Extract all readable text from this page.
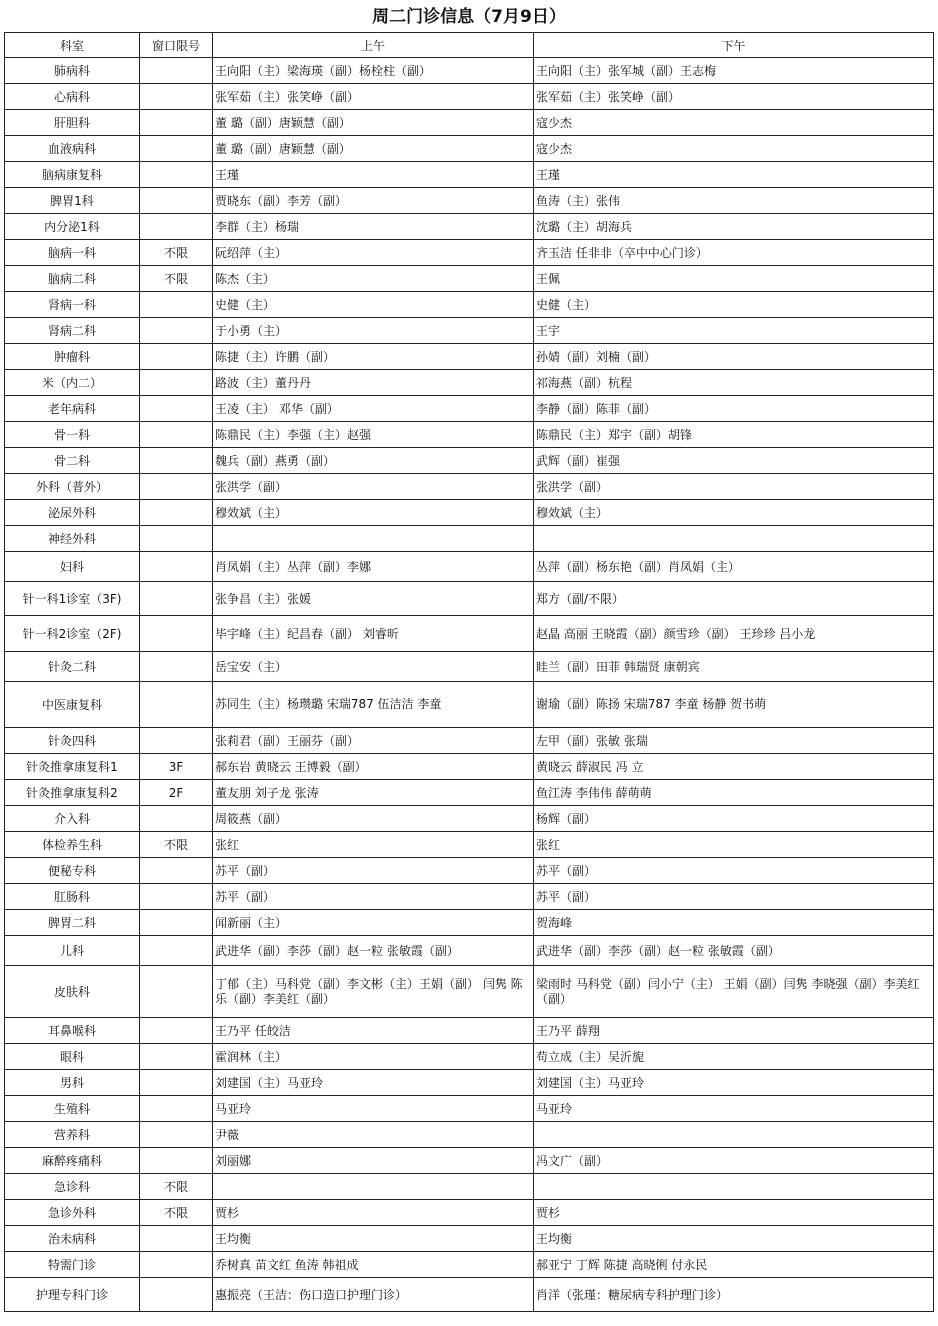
周二门诊信息（7月9日）
科室	窗口限号	上午	下午
肺病科		王向阳（主）梁海瑛（副）杨栓柱（副）	王向阳（主）张军城（副）王志梅
心病科		张军茹（主）张笑峥（副）	张军茹（主）张笑峥（副）
肝胆科		董 璐（副）唐颖慧（副）	寇少杰
血液病科		董 璐（副）唐颖慧（副）	寇少杰
脑病康复科		王瑾	王瑾
脾胃1科		贾晓东（副）李芳（副）	鱼涛（主）张伟
内分泌1科		李群（主）杨瑞	沈璐（主）胡海兵
脑病一科	不限	阮绍萍（主）	齐玉洁 任非非（卒中中心门诊）
脑病二科	不限	陈杰（主）	王佩
肾病一科		史健（主）	史健（主）
肾病二科		于小勇（主）	王宇
肿瘤科		陈捷（主）许鹏（副）	孙婧（副）刘楠（副）
米（内二）		路波（主）董丹丹	祁海燕（副）杭程
老年病科		王凌（主） 邓华（副）	李静（副）陈菲（副）
骨一科		陈鼎民（主）李强（主）赵强	陈鼎民（主）郑宇（副）胡锋
骨二科		魏兵（副）燕勇（副）	武辉（副）崔强
外科（普外）		张洪学（副）	张洪学（副）
泌尿外科		穆效斌（主）	穆效斌（主）
神经外科			
妇科		肖凤娟（主）丛萍（副）李娜	丛萍（副）杨东艳（副）肖凤娟（主）
针一科1诊室（3F)		张争昌（主）张媛	郑方（副/不限）
针一科2诊室（2F)		毕宇峰（主）纪昌春（副） 刘睿昕	赵晶 高丽 王晓霞（副）颜雪珍（副） 王珍珍 吕小龙
针灸二科		岳宝安（主）	眭兰（副）田菲 韩瑞贤 康朝宾
中医康复科		苏同生（主）杨瓒璐 宋瑞787 伍洁洁 李童	谢瑜（副）陈扬 宋瑞787 李童 杨静 贺书萌
针灸四科		张莉君（副）王丽芬（副）	左甲（副）张敏 张瑞
针灸推拿康复科1	3F	郝东岩 黄晓云 王博毅（副）	黄晓云 薛淑民 冯 立
针灸推拿康复科2	2F	董友朋 刘子龙 张涛	鱼江涛 李伟伟 薛萌萌
介入科		周筱燕（副）	杨辉（副）
体检养生科	不限	张红	张红
便秘专科		苏平（副）	苏平（副）
肛肠科		苏平（副）	苏平（副）
脾胃二科		闻新丽（主）	贺海峰
儿科		武进华（副）李莎（副）赵一粒 张敏霞（副）	武进华（副）李莎（副）赵一粒 张敏霞（副）
皮肤科		丁郁（主）马科党（副）李文彬（主）王娟（副） 闫隽 陈乐（副）李美红（副）	梁雨时 马科党（副）闫小宁（主） 王娟（副）闫隽 李晓强（副）李美红（副）
耳鼻喉科		王乃平 任皎洁	王乃平 薛翔
眼科		霍润林（主）	苟立成（主）吴沂旎
男科		刘建国（主）马亚玲	刘建国（主）马亚玲
生殖科		马亚玲	马亚玲
营养科		尹薇	
麻醉疼痛科		刘丽娜	冯文广（副）
急诊科	不限		
急诊外科	不限	贾杉	贾杉
治未病科		王均衡	王均衡
特需门诊		乔树真 苗文红 鱼涛 韩祖成	郝亚宁 丁辉 陈捷 高晓俐 付永民
护理专科门诊		惠振亮（王洁：伤口造口护理门诊）	肖洋（张瑾：糖尿病专科护理门诊）
